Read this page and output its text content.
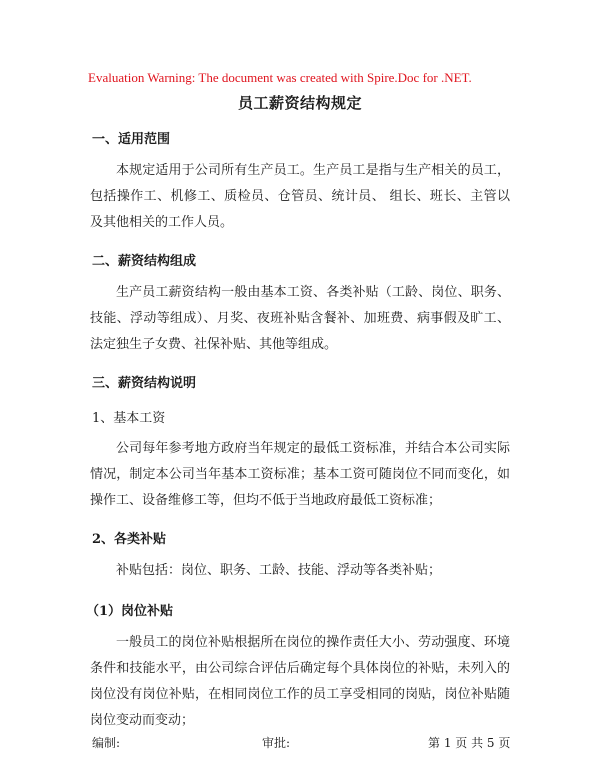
Evaluation Warning: The document was created with Spire.Doc for .NET.
员工薪资结构规定
一、适用范围
本规定适用于公司所有生产员工。生产员工是指与生产相关的员工，包括操作工、机修工、质检员、仓管员、统计员、 组长、班长、主管以及其他相关的工作人员。
二、薪资结构组成
生产员工薪资结构一般由基本工资、各类补贴（工龄、岗位、职务、技能、浮动等组成）、月奖、夜班补贴含餐补、加班费、病事假及旷工、法定独生子女费、社保补贴、其他等组成。
三、薪资结构说明
1、基本工资
公司每年参考地方政府当年规定的最低工资标准，并结合本公司实际情况，制定本公司当年基本工资标准；基本工资可随岗位不同而变化，如操作工、设备维修工等，但均不低于当地政府最低工资标准；
2、各类补贴
补贴包括：岗位、职务、工龄、技能、浮动等各类补贴；
（1）岗位补贴
一般员工的岗位补贴根据所在岗位的操作责任大小、劳动强度、环境条件和技能水平，由公司综合评估后确定每个具体岗位的补贴，未列入的岗位没有岗位补贴，在相同岗位工作的员工享受相同的岗贴，岗位补贴随岗位变动而变动；
编制:	审批:	第 1 页 共 5 页
